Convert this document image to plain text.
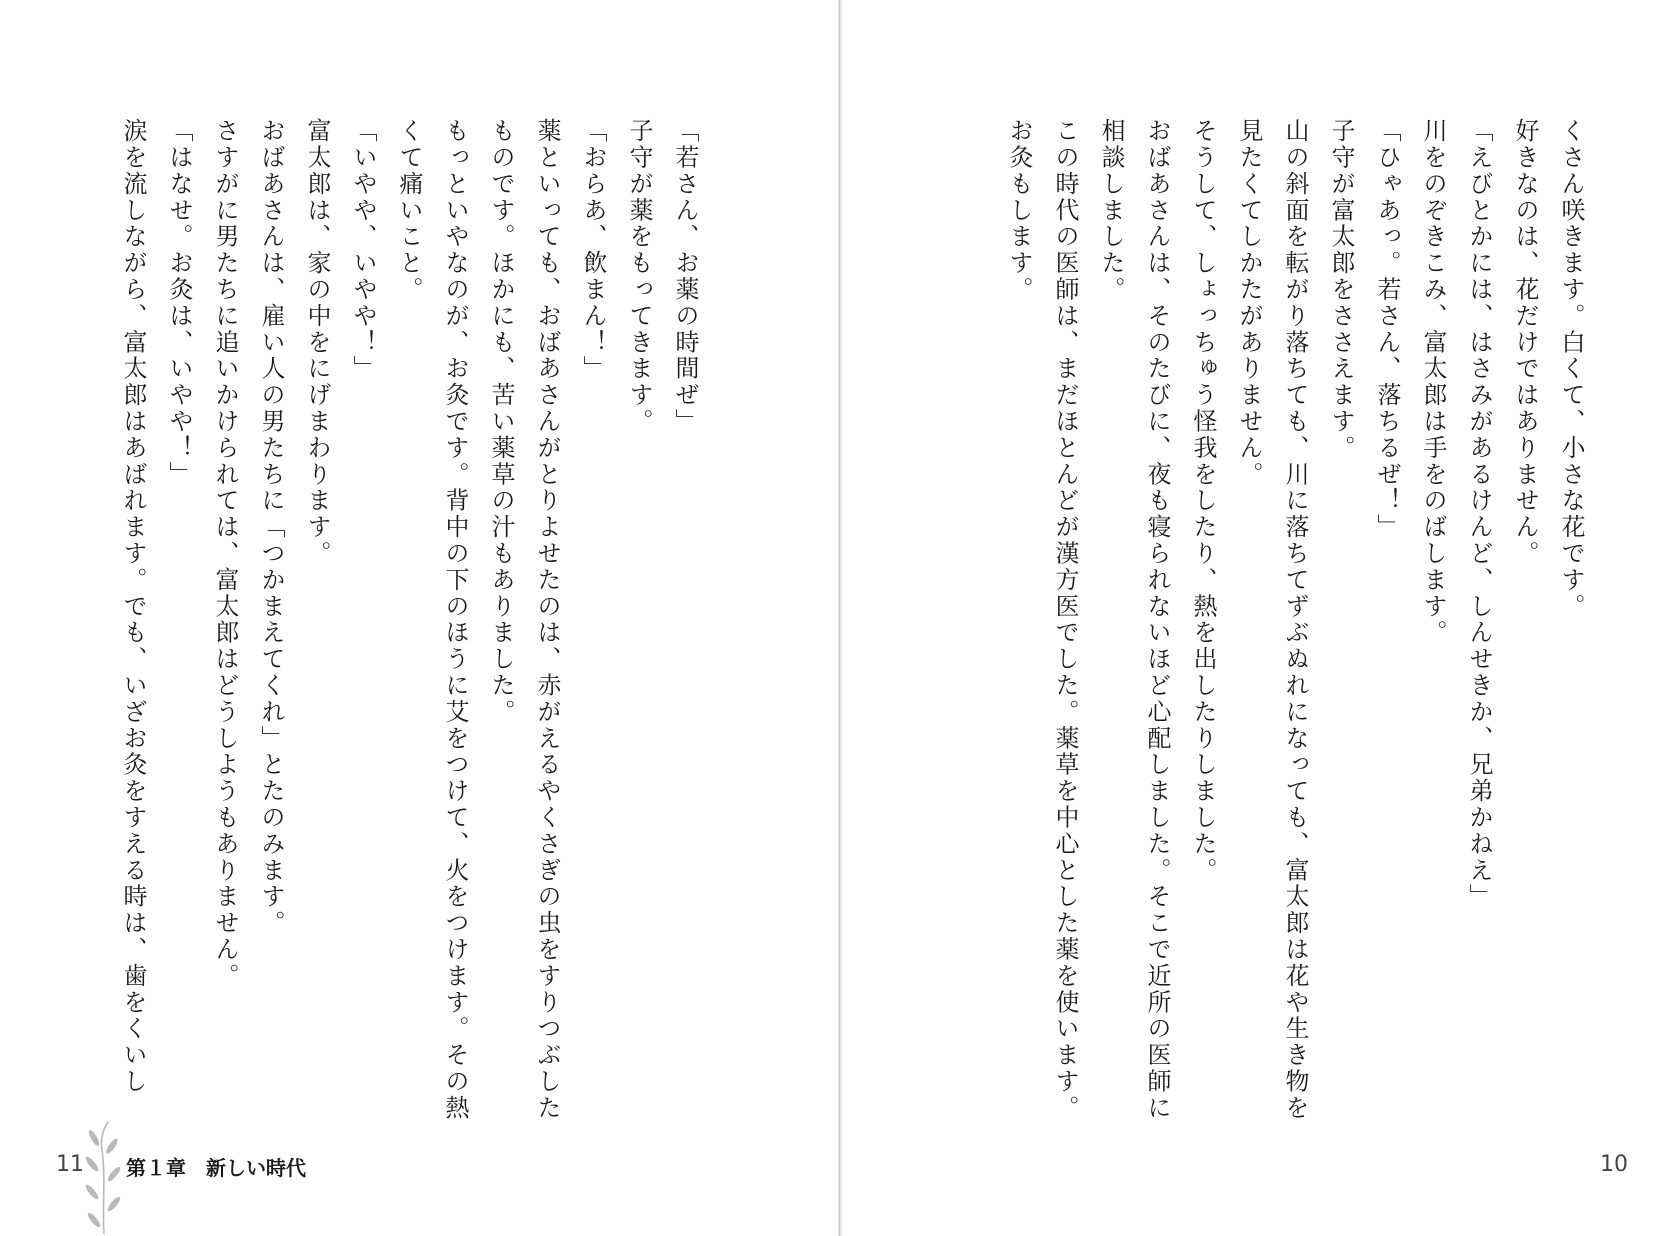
「若さん、お薬の時間ぜ」
子守が薬をもってきます。
「おらあ、飲まん！」
薬といっても、おばあさんがとりよせたのは、赤がえるやくさぎの虫をすりつぶした
ものです。ほかにも、苦い薬草の汁もありました。
もっといやなのが、お灸です。背中の下のほうに艾をつけて、火をつけます。その熱
くて痛いこと。
「いやや、いやや！」
富太郎は、家の中をにげまわります。
おばあさんは、雇い人の男たちに「つかまえてくれ」とたのみます。
さすがに男たちに追いかけられては、富太郎はどうしようもありません。
「はなせ。お灸は、いやや！」
涙を流しながら、富太郎はあばれます。でも、いざお灸をすえる時は、歯をくいし
11 第１章　新しい時代
くさん咲きます。白くて、小さな花です。
好きなのは、花だけではありません。
「えびとかには、はさみがあるけんど、しんせきか、兄弟かねえ」
川をのぞきこみ、富太郎は手をのばします。
「ひゃあっ。若さん、落ちるぜ！」
子守が富太郎をささえます。
山の斜面を転がり落ちても、川に落ちてずぶぬれになっても、富太郎は花や生き物を
見たくてしかたがありません。
そうして、しょっちゅう怪我をしたり、熱を出したりしました。
おばあさんは、そのたびに、夜も寝られないほど心配しました。そこで近所の医師に
相談しました。
この時代の医師は、まだほとんどが漢方医でした。薬草を中心とした薬を使います。
お灸もします。
10
